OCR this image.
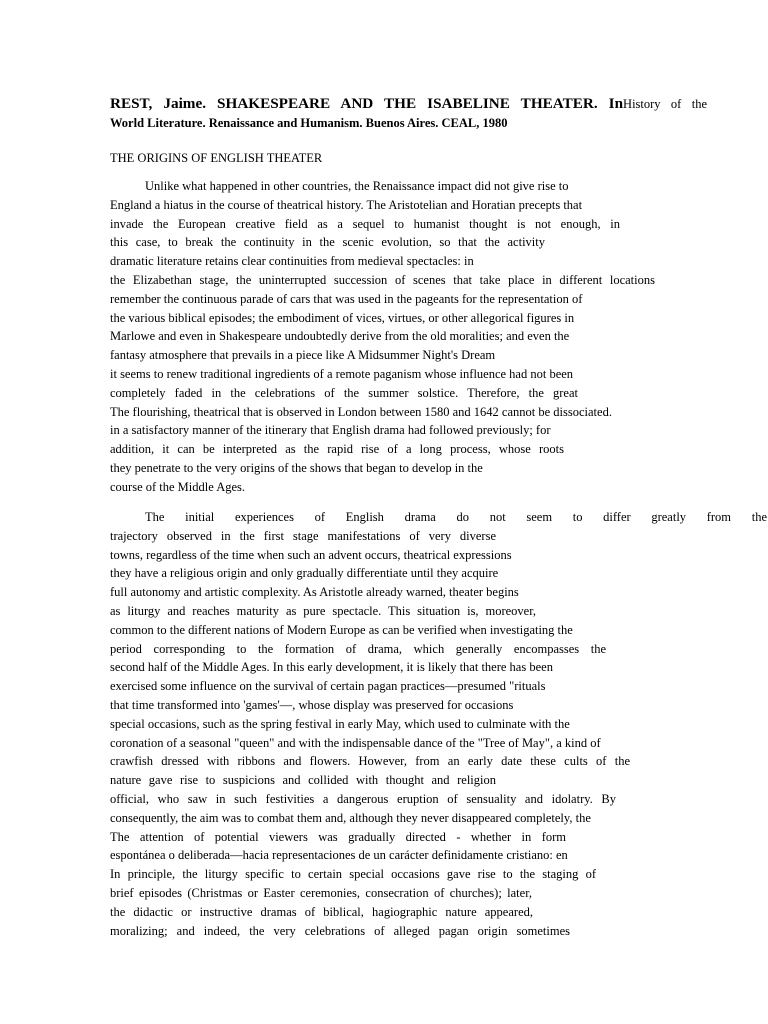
REST, Jaime. SHAKESPEARE AND THE ISABELINE THEATER. InHistory of the
World Literature. Renaissance and Humanism. Buenos Aires. CEAL, 1980
THE ORIGINS OF ENGLISH THEATER
Unlike what happened in other countries, the Renaissance impact did not give rise to
England a hiatus in the course of theatrical history. The Aristotelian and Horatian precepts that
invade the European creative field as a sequel to humanist thought is not enough, in
this case, to break the continuity in the scenic evolution, so that the activity
dramatic literature retains clear continuities from medieval spectacles: in
the Elizabethan stage, the uninterrupted succession of scenes that take place in different locations
remember the continuous parade of cars that was used in the pageants for the representation of
the various biblical episodes; the embodiment of vices, virtues, or other allegorical figures in
Marlowe and even in Shakespeare undoubtedly derive from the old moralities; and even the
fantasy atmosphere that prevails in a piece like A Midsummer Night's Dream
it seems to renew traditional ingredients of a remote paganism whose influence had not been
completely faded in the celebrations of the summer solstice. Therefore, the great
The flourishing, theatrical that is observed in London between 1580 and 1642 cannot be dissociated.
in a satisfactory manner of the itinerary that English drama had followed previously; for
addition, it can be interpreted as the rapid rise of a long process, whose roots
they penetrate to the very origins of the shows that began to develop in the
course of the Middle Ages.
The initial experiences of English drama do not seem to differ greatly from the
trajectory observed in the first stage manifestations of very diverse
towns, regardless of the time when such an advent occurs, theatrical expressions
they have a religious origin and only gradually differentiate until they acquire
full autonomy and artistic complexity. As Aristotle already warned, theater begins
as liturgy and reaches maturity as pure spectacle. This situation is, moreover,
common to the different nations of Modern Europe as can be verified when investigating the
period corresponding to the formation of drama, which generally encompasses the
second half of the Middle Ages. In this early development, it is likely that there has been
exercised some influence on the survival of certain pagan practices—presumed "rituals
that time transformed into 'games'—, whose display was preserved for occasions
special occasions, such as the spring festival in early May, which used to culminate with the
coronation of a seasonal "queen" and with the indispensable dance of the "Tree of May", a kind of
crawfish dressed with ribbons and flowers. However, from an early date these cults of the
nature gave rise to suspicions and collided with thought and religion
official, who saw in such festivities a dangerous eruption of sensuality and idolatry. By
consequently, the aim was to combat them and, although they never disappeared completely, the
The attention of potential viewers was gradually directed - whether in form
espontánea o deliberada—hacia representaciones de un carácter definidamente cristiano: en
In principle, the liturgy specific to certain special occasions gave rise to the staging of
brief episodes (Christmas or Easter ceremonies, consecration of churches); later,
the didactic or instructive dramas of biblical, hagiographic nature appeared,
moralizing; and indeed, the very celebrations of alleged pagan origin sometimes
